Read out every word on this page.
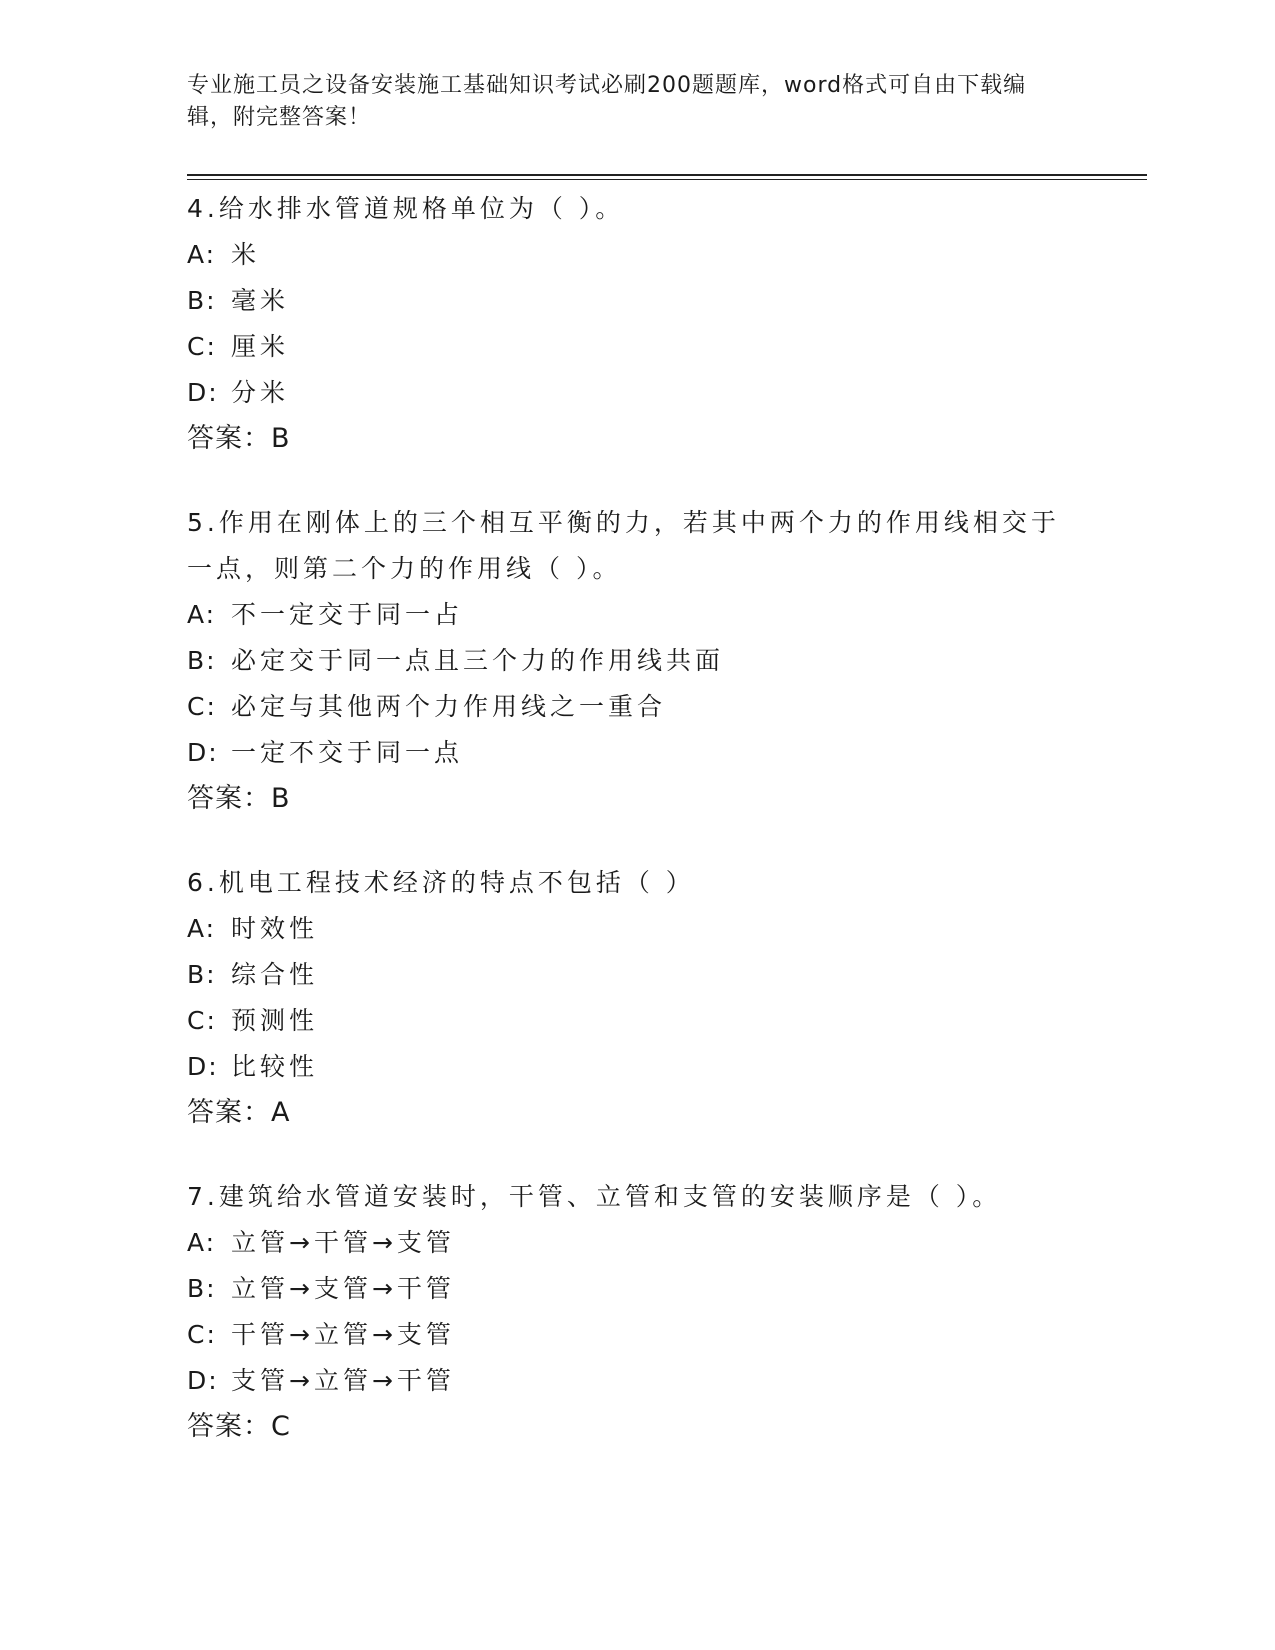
专业施工员之设备安装施工基础知识考试必刷200题题库，word格式可自由下载编辑，附完整答案！

4.给水排水管道规格单位为（ ）。

A: 米

B: 毫米

C: 厘米

D: 分米

答案：B

5.作用在刚体上的三个相互平衡的力，若其中两个力的作用线相交于一点，则第二个力的作用线（ ）。

A: 不一定交于同一占

B: 必定交于同一点且三个力的作用线共面

C: 必定与其他两个力作用线之一重合

D: 一定不交于同一点

答案：B

6.机电工程技术经济的特点不包括（ ）

A: 时效性

B: 综合性

C: 预测性

D: 比较性

答案：A

7.建筑给水管道安装时，干管、立管和支管的安装顺序是（ ）。

A: 立管→干管→支管

B: 立管→支管→干管

C: 干管→立管→支管

D: 支管→立管→干管

答案：C
